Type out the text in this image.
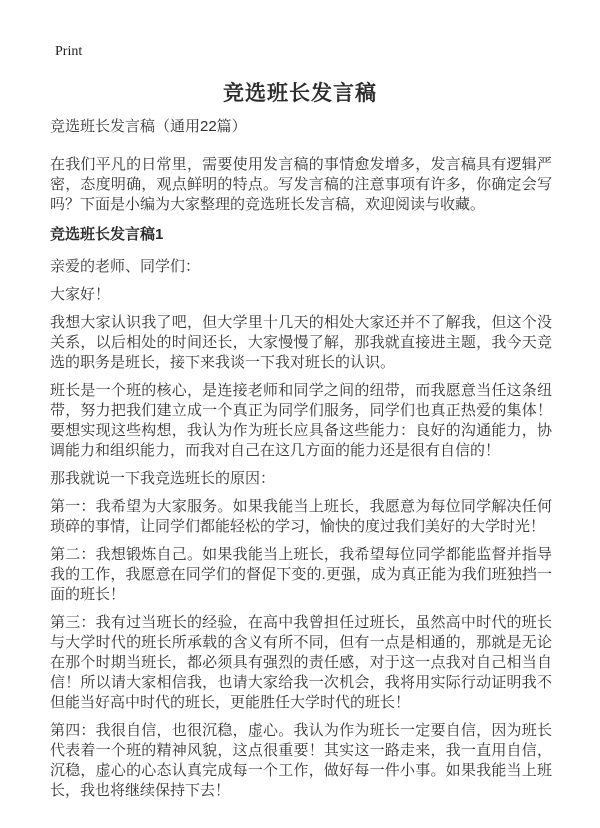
Print
竞选班长发言稿

竞选班长发言稿（通用22篇）

在我们平凡的日常里，需要使用发言稿的事情愈发增多，发言稿具有逻辑严密，态度明确，观点鲜明的特点。写发言稿的注意事项有许多，你确定会写吗？下面是小编为大家整理的竞选班长发言稿，欢迎阅读与收藏。

竞选班长发言稿1

亲爱的老师、同学们：

大家好！

我想大家认识我了吧，但大学里十几天的相处大家还并不了解我，但这个没关系，以后相处的时间还长，大家慢慢了解，那我就直接进主题，我今天竞选的职务是班长，接下来我谈一下我对班长的认识。

班长是一个班的核心，是连接老师和同学之间的纽带，而我愿意当任这条纽带，努力把我们建立成一个真正为同学们服务，同学们也真正热爱的集体！要想实现这些构想，我认为作为班长应具备这些能力：良好的沟通能力，协调能力和组织能力，而我对自己在这几方面的能力还是很有自信的！

那我就说一下我竞选班长的原因：

第一：我希望为大家服务。如果我能当上班长，我愿意为每位同学解决任何琐碎的事情，让同学们都能轻松的学习，愉快的度过我们美好的大学时光！

第二：我想锻炼自己。如果我能当上班长，我希望每位同学都能监督并指导我的工作，我愿意在同学们的督促下变的.更强，成为真正能为我们班独挡一面的班长！

第三：我有过当班长的经验，在高中我曾担任过班长，虽然高中时代的班长与大学时代的班长所承载的含义有所不同，但有一点是相通的，那就是无论在那个时期当班长，都必须具有强烈的责任感，对于这一点我对自己相当自信！所以请大家相信我，也请大家给我一次机会，我将用实际行动证明我不但能当好高中时代的班长，更能胜任大学时代的班长！

第四：我很自信，也很沉稳，虚心。我认为作为班长一定要自信，因为班长代表着一个班的精神风貌，这点很重要！其实这一路走来，我一直用自信，沉稳，虚心的心态认真完成每一个工作，做好每一件小事。如果我能当上班长，我也将继续保持下去！
